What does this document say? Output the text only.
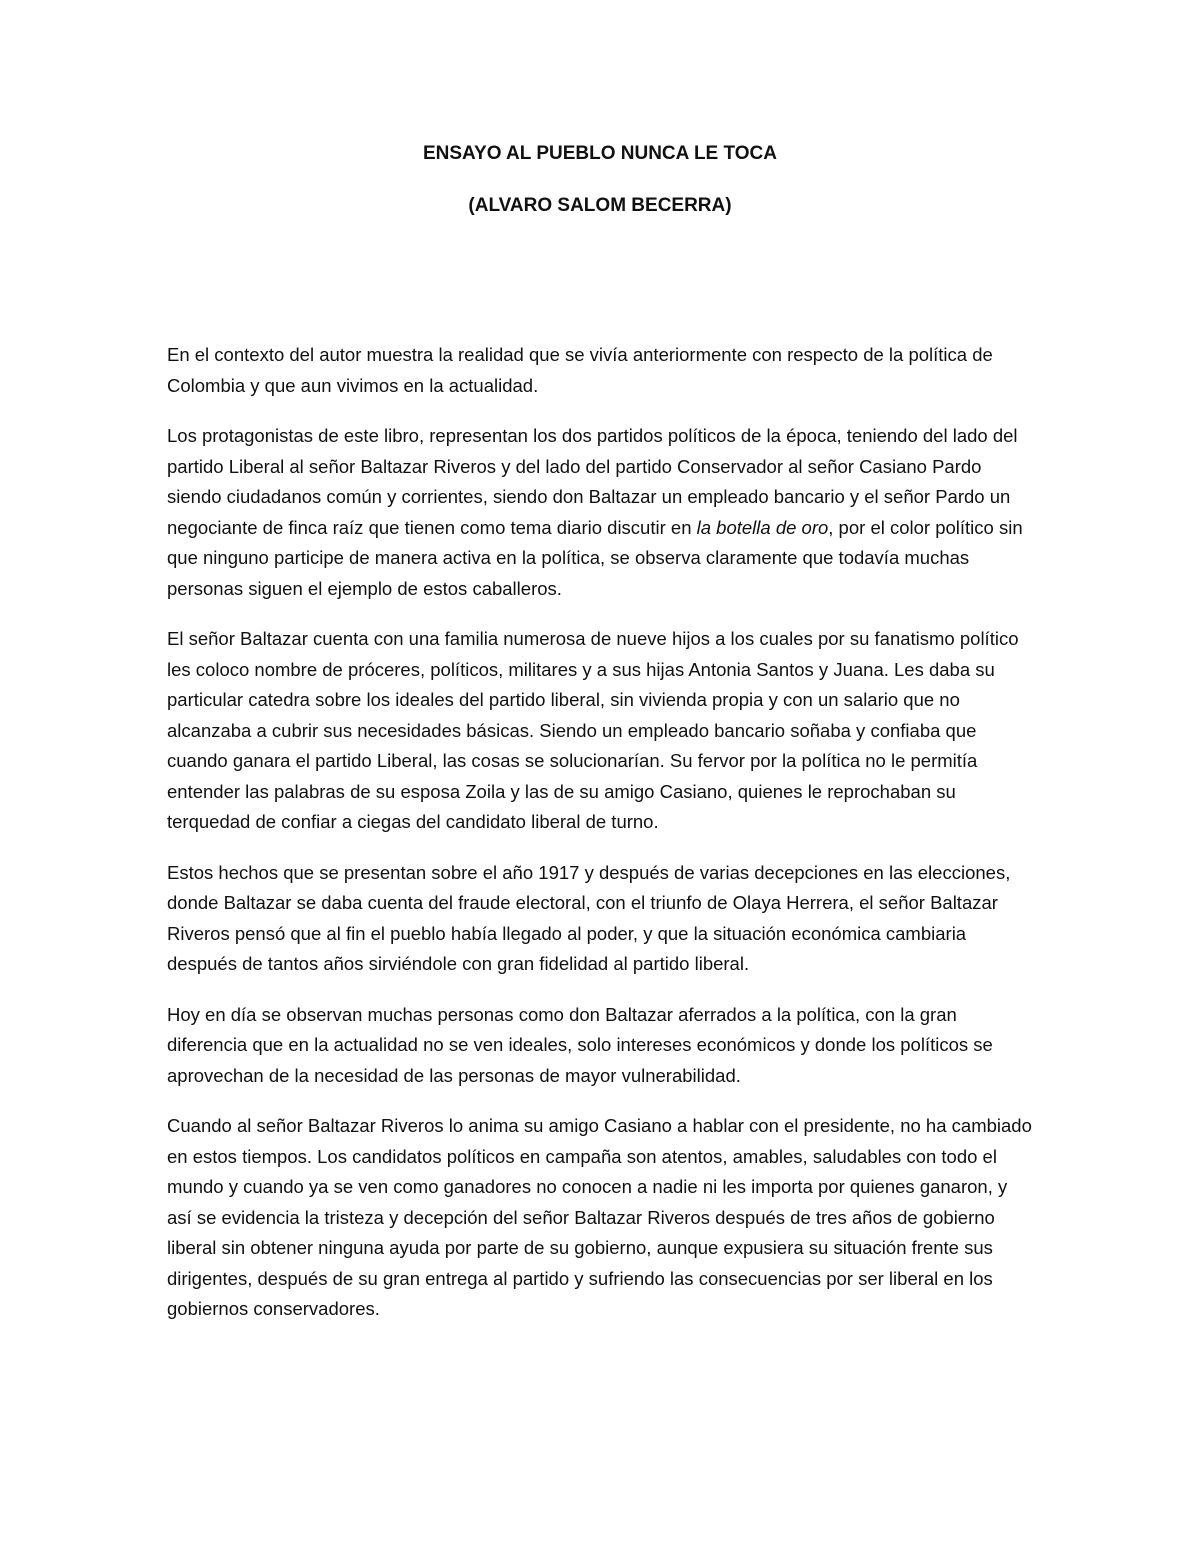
ENSAYO AL PUEBLO NUNCA LE TOCA
(ALVARO SALOM BECERRA)

En el contexto del autor muestra la realidad que se vivía anteriormente con respecto de la política de Colombia y que aun vivimos en la actualidad.

Los protagonistas de este libro, representan los dos partidos políticos de la época, teniendo del lado del partido Liberal al señor Baltazar Riveros y del lado del partido Conservador al señor Casiano Pardo siendo ciudadanos común y corrientes, siendo don Baltazar un empleado bancario y el señor Pardo un negociante de finca raíz que tienen como tema diario discutir en la botella de oro, por el color político sin que ninguno participe de manera activa en la política, se observa claramente que todavía muchas personas siguen el ejemplo de estos caballeros.

El señor Baltazar cuenta con una familia numerosa de nueve hijos a los cuales por su fanatismo político les coloco nombre de próceres, políticos, militares y a sus hijas Antonia Santos y Juana. Les daba su particular catedra sobre los ideales del partido liberal, sin vivienda propia y con un salario que no alcanzaba a cubrir sus necesidades básicas. Siendo un empleado bancario soñaba y confiaba que cuando ganara el partido Liberal, las cosas se solucionarían. Su fervor por la política no le permitía entender las palabras de su esposa Zoila y las de su amigo Casiano, quienes le reprochaban su terquedad de confiar a ciegas del candidato liberal de turno.

Estos hechos que se presentan sobre el año 1917 y después de varias decepciones en las elecciones, donde Baltazar se daba cuenta del fraude electoral, con el triunfo de Olaya Herrera, el señor Baltazar Riveros pensó que al fin el pueblo había llegado al poder, y que la situación económica cambiaria después de tantos años sirviéndole con gran fidelidad al partido liberal.

Hoy en día se observan muchas personas como don Baltazar aferrados a la política, con la gran diferencia que en la actualidad no se ven ideales, solo intereses económicos y donde los políticos se aprovechan de la necesidad de las personas de mayor vulnerabilidad.

Cuando al señor Baltazar Riveros lo anima su amigo Casiano a hablar con el presidente, no ha cambiado en estos tiempos. Los candidatos políticos en campaña son atentos, amables, saludables con todo el mundo y cuando ya se ven como ganadores no conocen a nadie ni les importa por quienes ganaron, y así se evidencia la tristeza y decepción del señor Baltazar Riveros después de tres años de gobierno liberal sin obtener ninguna ayuda por parte de su gobierno, aunque expusiera su situación frente sus dirigentes, después de su gran entrega al partido y sufriendo las consecuencias por ser liberal en los gobiernos conservadores.
